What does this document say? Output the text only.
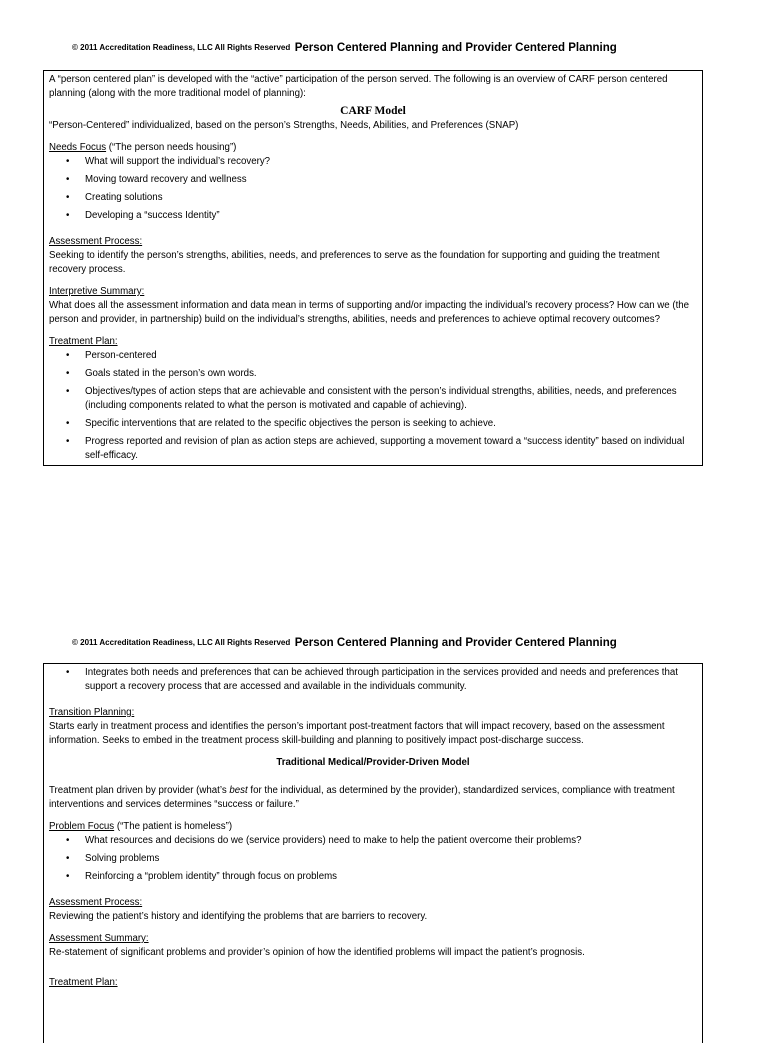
© 2011 Accreditation Readiness, LLC All Rights Reserved Person Centered Planning and Provider Centered Planning

A “person centered plan” is developed with the “active” participation of the person served. The following is an overview of CARF person centered planning (along with the more traditional model of planning):

CARF Model

“Person-Centered” individualized, based on the person’s Strengths, Needs, Abilities, and Preferences (SNAP)

Needs Focus (“The person needs housing”)

• What will support the individual’s recovery?
• Moving toward recovery and wellness
• Creating solutions
• Developing a “success Identity”

Assessment Process:

Seeking to identify the person’s strengths, abilities, needs, and preferences to serve as the foundation for supporting and guiding the treatment recovery process.

Interpretive Summary:

What does all the assessment information and data mean in terms of supporting and/or impacting the individual’s recovery process? How can we (the person and provider, in partnership) build on the individual’s strengths, abilities, needs and preferences to achieve optimal recovery outcomes?

Treatment Plan:

• Person-centered
• Goals stated in the person’s own words.
• Objectives/types of action steps that are achievable and consistent with the person’s individual strengths, abilities, needs, and preferences (including components related to what the person is motivated and capable of achieving).
• Specific interventions that are related to the specific objectives the person is seeking to achieve.
• Progress reported and revision of plan as action steps are achieved, supporting a movement toward a “success identity” based on individual self-efficacy.
© 2011 Accreditation Readiness, LLC All Rights Reserved Person Centered Planning and Provider Centered Planning
• Integrates both needs and preferences that can be achieved through participation in the services provided and needs and preferences that support a recovery process that are accessed and available in the individuals community.

Transition Planning:

Starts early in treatment process and identifies the person’s important post-treatment factors that will impact recovery, based on the assessment information. Seeks to embed in the treatment process skill-building and planning to positively impact post-discharge success.

Traditional Medical/Provider-Driven Model

Treatment plan driven by provider (what’s best for the individual, as determined by the provider), standardized services, compliance with treatment interventions and services determines “success or failure.”

Problem Focus (“The patient is homeless”)

• What resources and decisions do we (service providers) need to make to help the patient overcome their problems?
• Solving problems
• Reinforcing a “problem identity” through focus on problems

Assessment Process:

Reviewing the patient’s history and identifying the problems that are barriers to recovery.

Assessment Summary:

Re-statement of significant problems and provider’s opinion of how the identified problems will impact the patient’s prognosis.

Treatment Plan:
